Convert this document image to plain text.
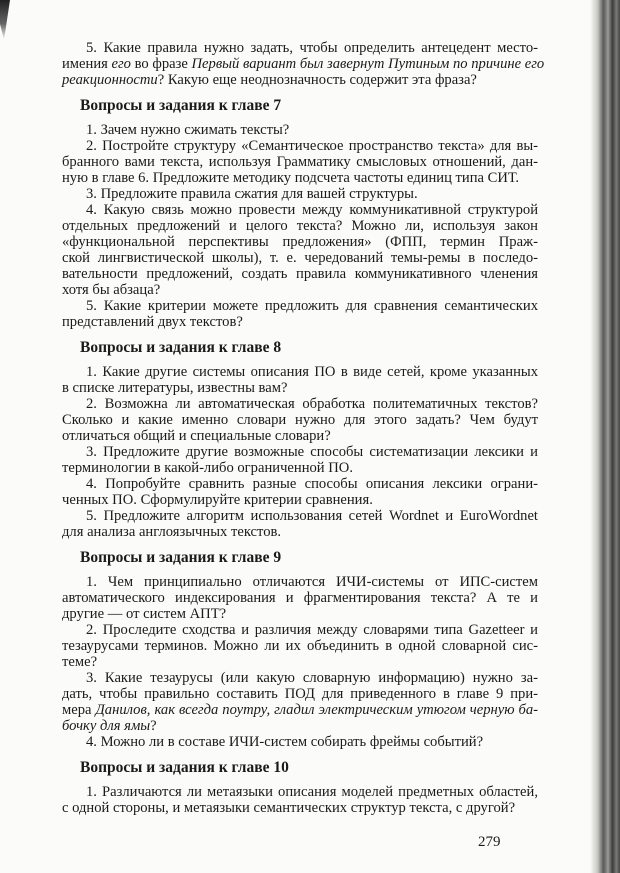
5. Какие правила нужно задать, чтобы определить антецедент место-
имения его во фразе Первый вариант был завернут Путиным по причине его
реакционности? Какую еще неоднозначность содержит эта фраза?
Вопросы и задания к главе 7
1. Зачем нужно сжимать тексты?
2. Постройте структуру «Семантическое пространство текста» для вы-
бранного вами текста, используя Грамматику смысловых отношений, дан-
ную в главе 6. Предложите методику подсчета частоты единиц типа СИТ.
3. Предложите правила сжатия для вашей структуры.
4. Какую связь можно провести между коммуникативной структурой
отдельных предложений и целого текста? Можно ли, используя закон
«функциональной перспективы предложения» (ФПП, термин Праж-
ской лингвистической школы), т. е. чередований темы-ремы в последо-
вательности предложений, создать правила коммуникативного членения
хотя бы абзаца?
5. Какие критерии можете предложить для сравнения семантических
представлений двух текстов?
Вопросы и задания к главе 8
1. Какие другие системы описания ПО в виде сетей, кроме указанных
в списке литературы, известны вам?
2. Возможна ли автоматическая обработка политематичных текстов?
Сколько и какие именно словари нужно для этого задать? Чем будут
отличаться общий и специальные словари?
3. Предложите другие возможные способы систематизации лексики и
терминологии в какой-либо ограниченной ПО.
4. Попробуйте сравнить разные способы описания лексики ограни-
ченных ПО. Сформулируйте критерии сравнения.
5. Предложите алгоритм использования сетей Wordnet и EuroWordnet
для анализа англоязычных текстов.
Вопросы и задания к главе 9
1. Чем принципиально отличаются ИЧИ-системы от ИПС-систем
автоматического индексирования и фрагментирования текста? А те и
другие — от систем АПТ?
2. Проследите сходства и различия между словарями типа Gazetteer и
тезаурусами терминов. Можно ли их объединить в одной словарной сис-
теме?
3. Какие тезаурусы (или какую словарную информацию) нужно за-
дать, чтобы правильно составить ПОД для приведенного в главе 9 при-
мера Данилов, как всегда поутру, гладил электрическим утюгом черную ба-
бочку для ямы?
4. Можно ли в составе ИЧИ-систем собирать фреймы событий?
Вопросы и задания к главе 10
1. Различаются ли метаязыки описания моделей предметных областей,
с одной стороны, и метаязыки семантических структур текста, с другой?
279
